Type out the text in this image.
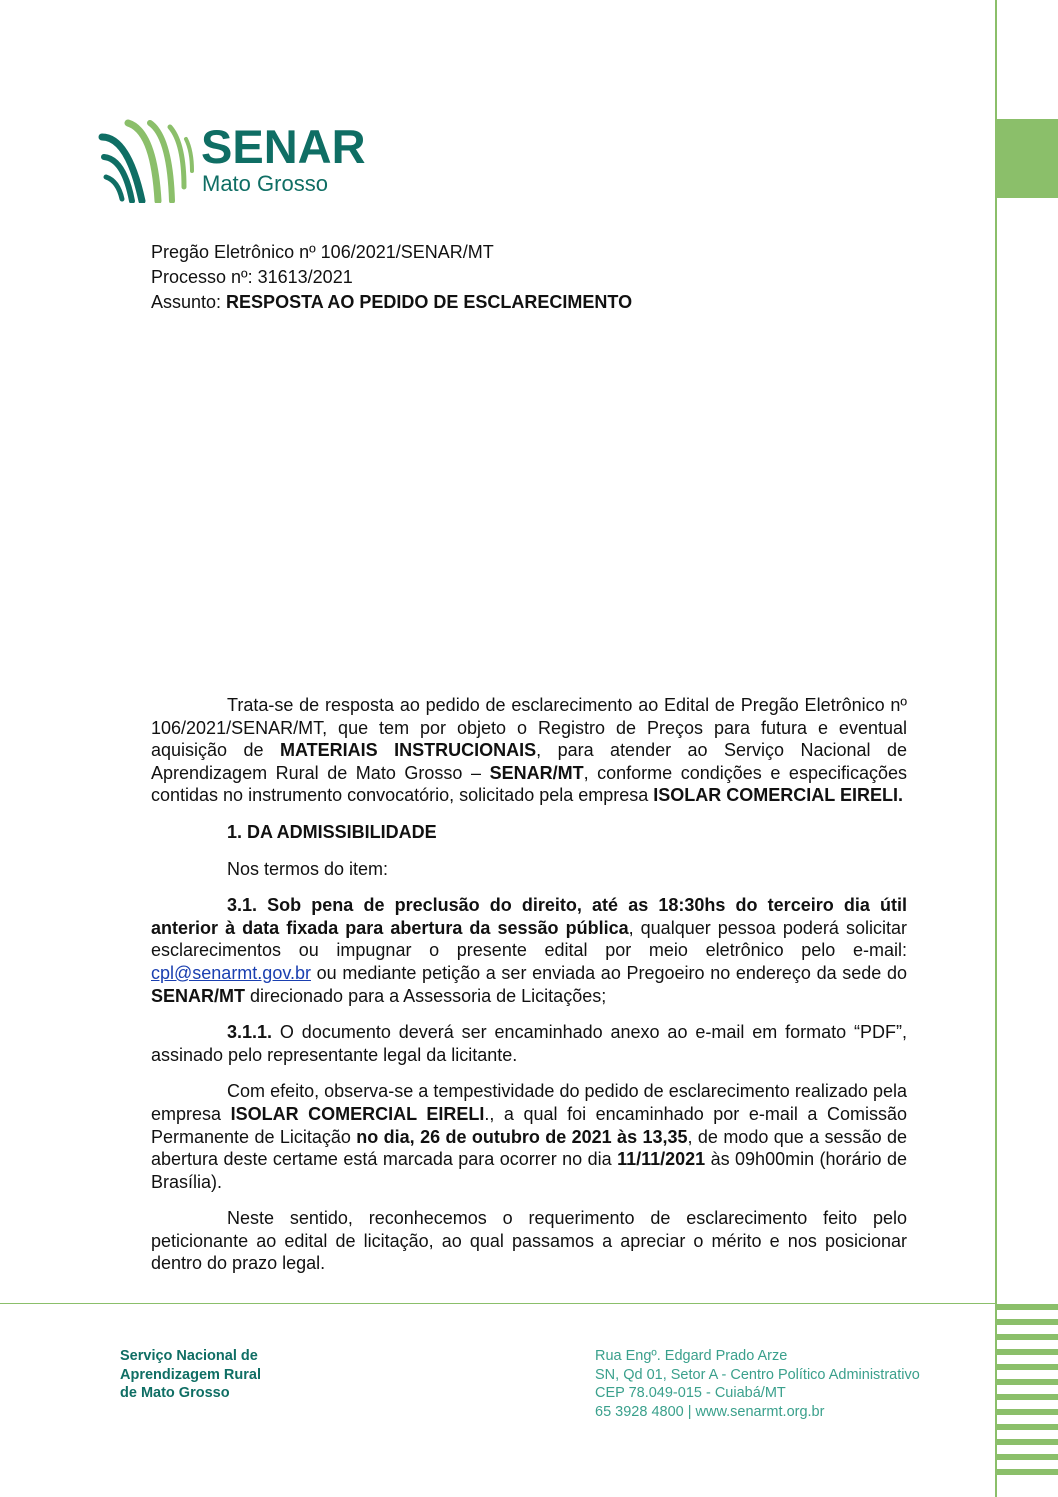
SENAR
Mato Grosso
Pregão Eletrônico nº 106/2021/SENAR/MT
Processo nº: 31613/2021
Assunto: RESPOSTA AO PEDIDO DE ESCLARECIMENTO

Trata-se de resposta ao pedido de esclarecimento ao Edital de Pregão Eletrônico nº 106/2021/SENAR/MT, que tem por objeto o Registro de Preços para futura e eventual aquisição de MATERIAIS INSTRUCIONAIS, para atender ao Serviço Nacional de Aprendizagem Rural de Mato Grosso – SENAR/MT, conforme condições e especificações contidas no instrumento convocatório, solicitado pela empresa ISOLAR COMERCIAL EIRELI.

1. DA ADMISSIBILIDADE

Nos termos do item:

3.1. Sob pena de preclusão do direito, até as 18:30hs do terceiro dia útil anterior à data fixada para abertura da sessão pública, qualquer pessoa poderá solicitar esclarecimentos ou impugnar o presente edital por meio eletrônico pelo e-mail: cpl@senarmt.gov.br ou mediante petição a ser enviada ao Pregoeiro no endereço da sede do SENAR/MT direcionado para a Assessoria de Licitações;

3.1.1. O documento deverá ser encaminhado anexo ao e-mail em formato “PDF”, assinado pelo representante legal da licitante.

Com efeito, observa-se a tempestividade do pedido de esclarecimento realizado pela empresa ISOLAR COMERCIAL EIRELI., a qual foi encaminhado por e-mail a Comissão Permanente de Licitação no dia, 26 de outubro de 2021 às 13,35, de modo que a sessão de abertura deste certame está marcada para ocorrer no dia 11/11/2021 às 09h00min (horário de Brasília).

Neste sentido, reconhecemos o requerimento de esclarecimento feito pelo peticionante ao edital de licitação, ao qual passamos a apreciar o mérito e nos posicionar dentro do prazo legal.

Serviço Nacional de
Aprendizagem Rural
de Mato Grosso
Rua Engº. Edgard Prado Arze
SN, Qd 01, Setor A - Centro Político Administrativo
CEP 78.049-015 - Cuiabá/MT
65 3928 4800 | www.senarmt.org.br
